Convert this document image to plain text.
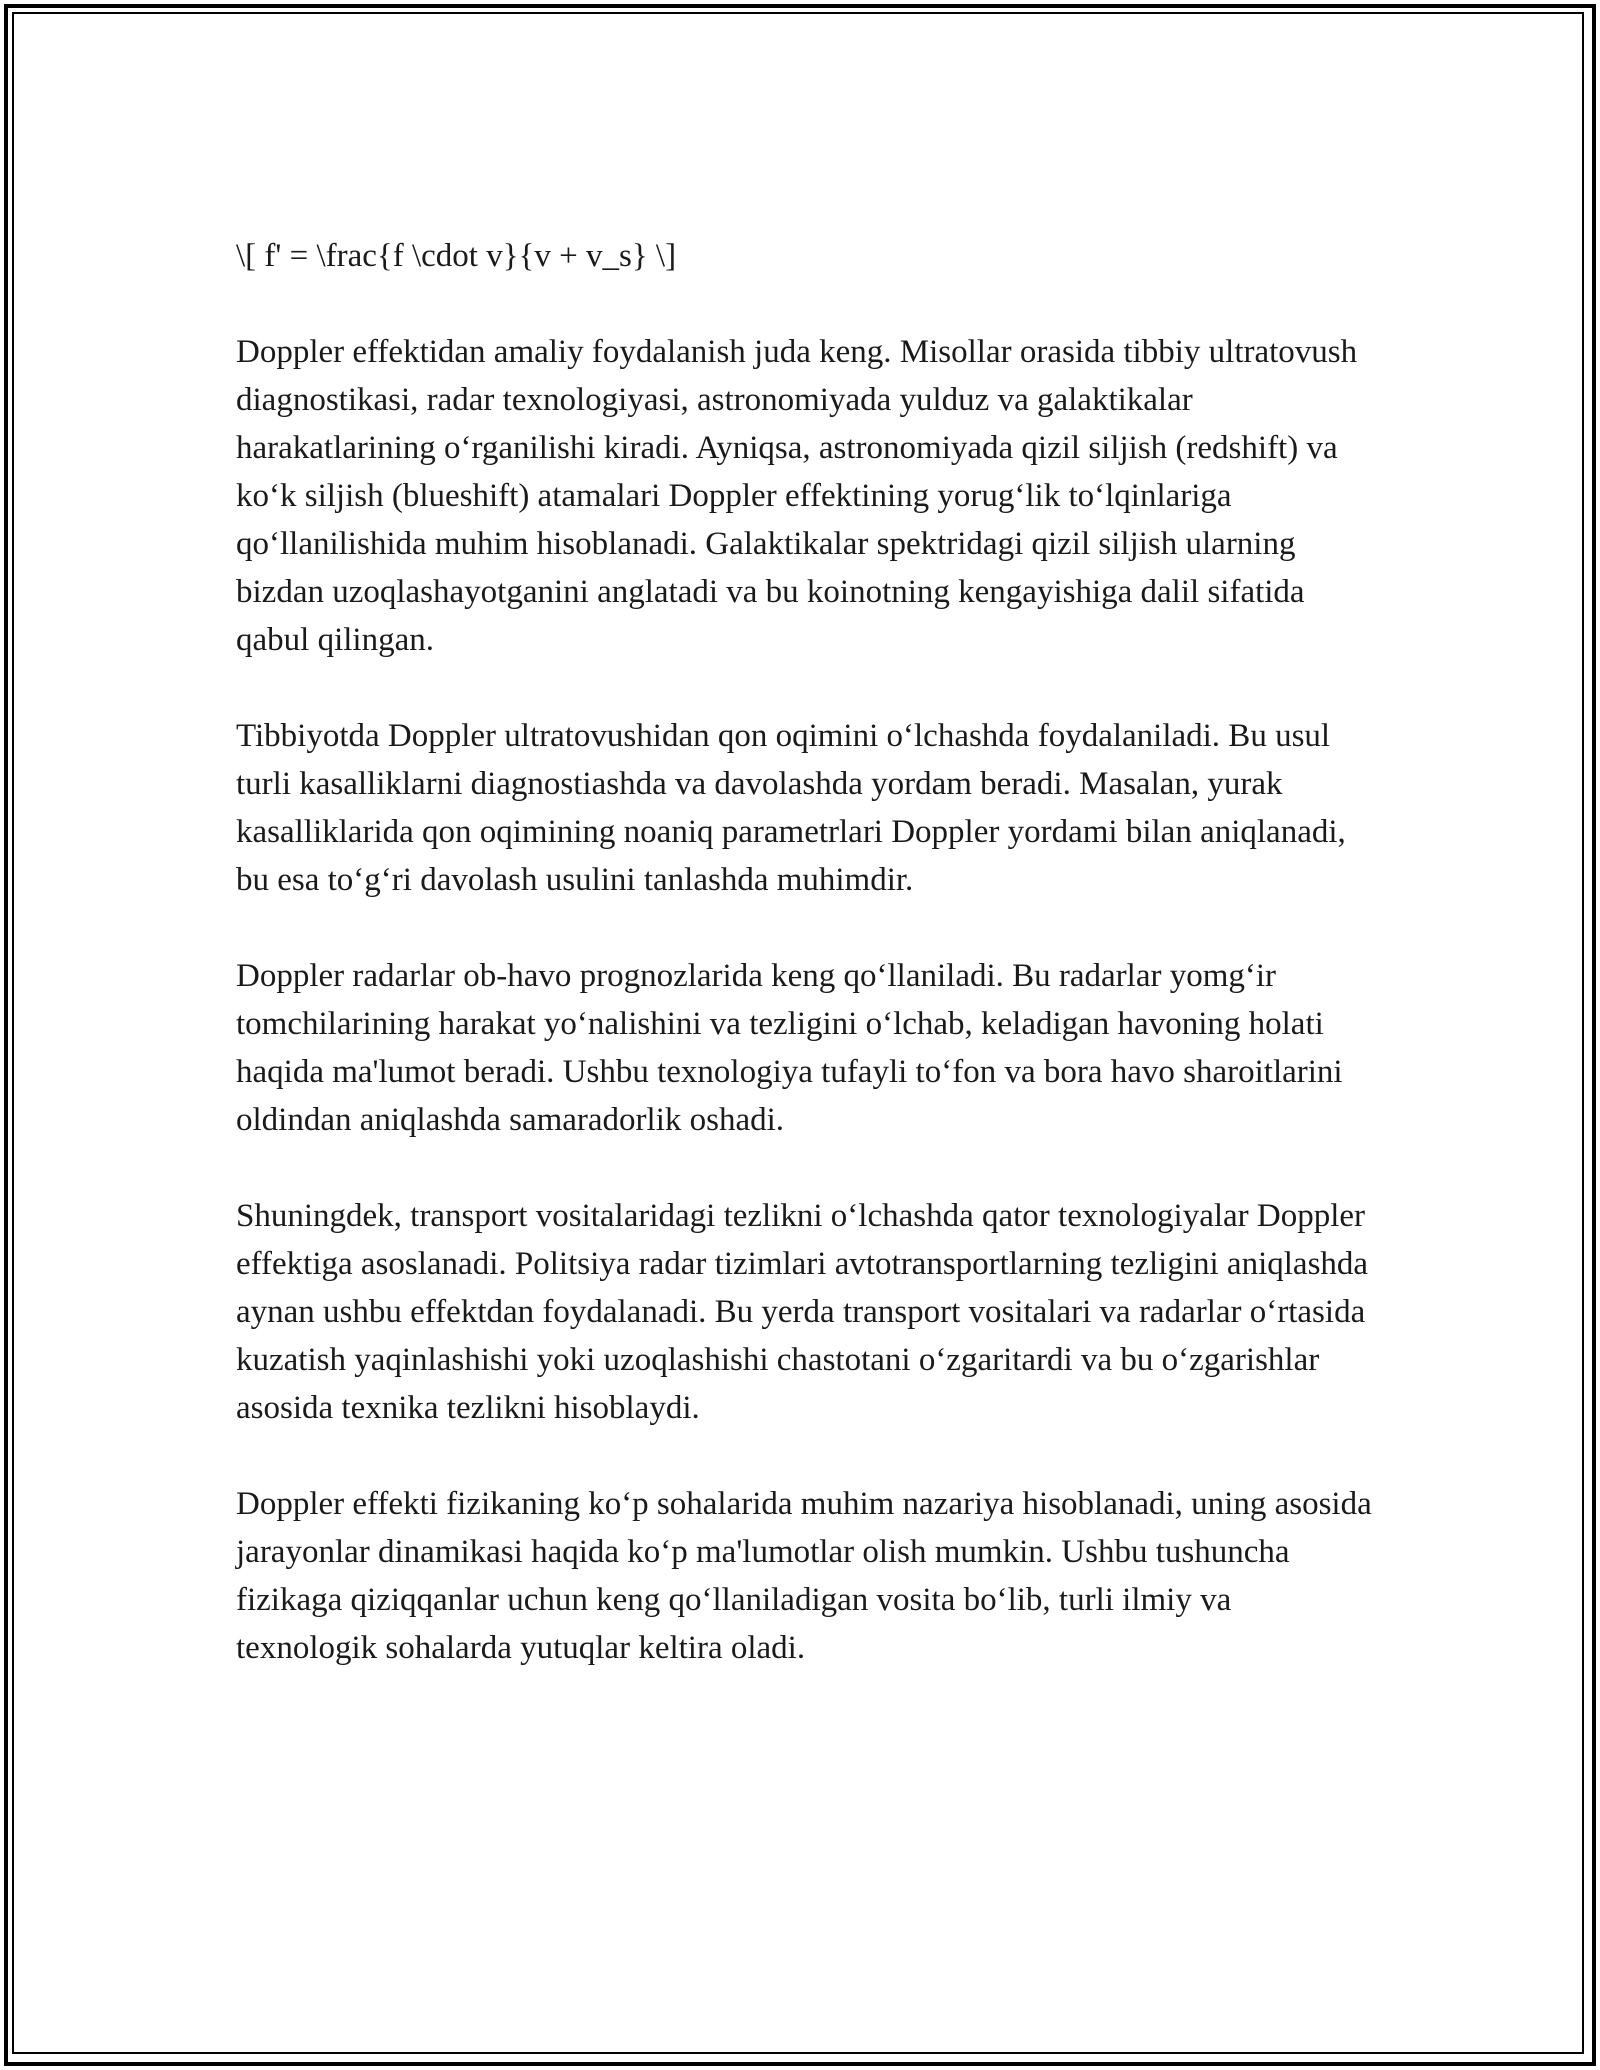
\[ f' = \frac{f \cdot v}{v + v_s} \]

Doppler effektidan amaliy foydalanish juda keng. Misollar orasida tibbiy ultratovush diagnostikasi, radar texnologiyasi, astronomiyada yulduz va galaktikalar harakatlarining o‘rganilishi kiradi. Ayniqsa, astronomiyada qizil siljish (redshift) va ko‘k siljish (blueshift) atamalari Doppler effektining yorug‘lik to‘lqinlariga qo‘llanilishida muhim hisoblanadi. Galaktikalar spektridagi qizil siljish ularning bizdan uzoqlashayotganini anglatadi va bu koinotning kengayishiga dalil sifatida qabul qilingan.

Tibbiyotda Doppler ultratovushidan qon oqimini o‘lchashda foydalaniladi. Bu usul turli kasalliklarni diagnostiashda va davolashda yordam beradi. Masalan, yurak kasalliklarida qon oqimining noaniq parametrlari Doppler yordami bilan aniqlanadi, bu esa to‘g‘ri davolash usulini tanlashda muhimdir.

Doppler radarlar ob-havo prognozlarida keng qo‘llaniladi. Bu radarlar yomg‘ir tomchilarining harakat yo‘nalishini va tezligini o‘lchab, keladigan havoning holati haqida ma'lumot beradi. Ushbu texnologiya tufayli to‘fon va bora havo sharoitlarini oldindan aniqlashda samaradorlik oshadi.

Shuningdek, transport vositalaridagi tezlikni o‘lchashda qator texnologiyalar Doppler effektiga asoslanadi. Politsiya radar tizimlari avtotransportlarning tezligini aniqlashda aynan ushbu effektdan foydalanadi. Bu yerda transport vositalari va radarlar o‘rtasida kuzatish yaqinlashishi yoki uzoqlashishi chastotani o‘zgaritardi va bu o‘zgarishlar asosida texnika tezlikni hisoblaydi.

Doppler effekti fizikaning ko‘p sohalarida muhim nazariya hisoblanadi, uning asosida jarayonlar dinamikasi haqida ko‘p ma'lumotlar olish mumkin. Ushbu tushuncha fizikaga qiziqqanlar uchun keng qo‘llaniladigan vosita bo‘lib, turli ilmiy va texnologik sohalarda yutuqlar keltira oladi.
